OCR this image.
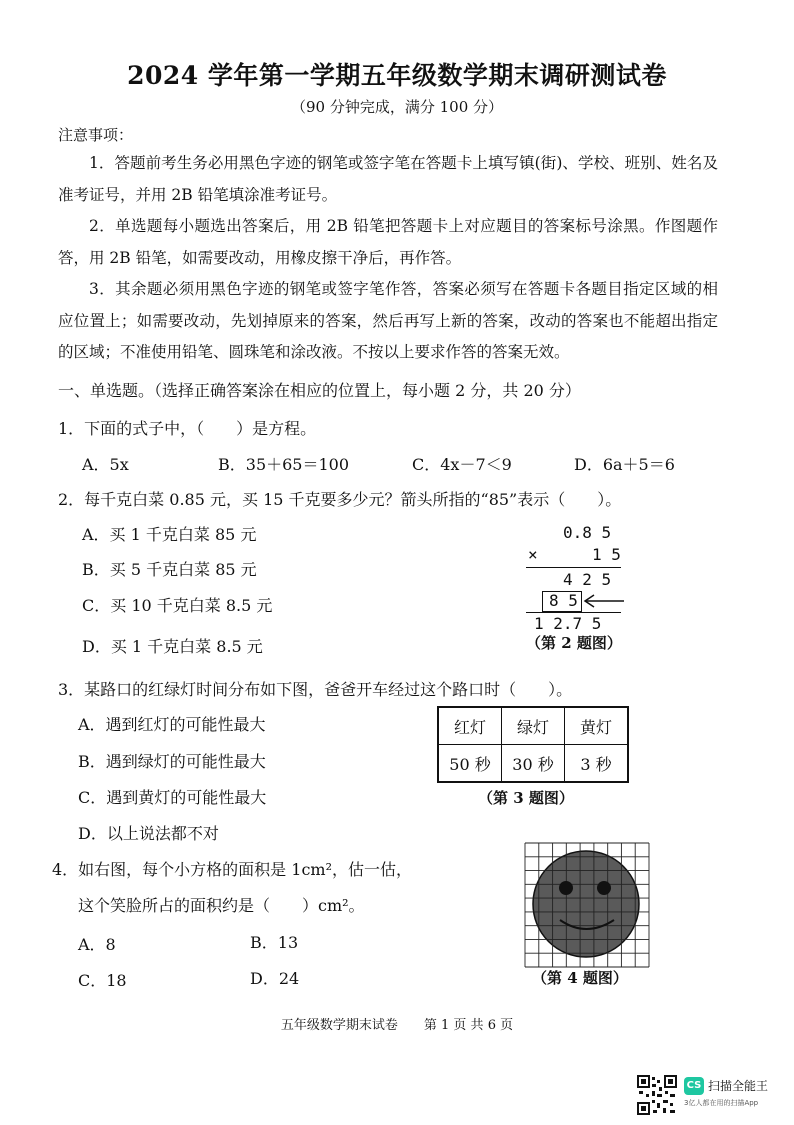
2024 学年第一学期五年级数学期末调研测试卷
（90 分钟完成，满分 100 分）
注意事项：

1．答题前考生务必用黑色字迹的钢笔或签字笔在答题卡上填写镇(街)、学校、班别、姓名及准考证号，并用 2B 铅笔填涂准考证号。

2．单选题每小题选出答案后，用 2B 铅笔把答题卡上对应题目的答案标号涂黑。作图题作答，用 2B 铅笔，如需要改动，用橡皮擦干净后，再作答。

3．其余题必须用黑色字迹的钢笔或签字笔作答，答案必须写在答题卡各题目指定区域的相应位置上；如需要改动，先划掉原来的答案，然后再写上新的答案，改动的答案也不能超出指定的区域；不准使用铅笔、圆珠笔和涂改液。不按以上要求作答的答案无效。

一、单选题。（选择正确答案涂在相应的位置上，每小题 2 分，共 20 分）
1．下面的式子中，（　　）是方程。
A．5x	B．35＋65＝100	C．4x－7＜9	D．6a＋5＝6
2．每千克白菜 0.85 元，买 15 千克要多少元？箭头所指的“85”表示（　　）。
A．买 1 千克白菜 85 元
B．买 5 千克白菜 85 元
C．买 10 千克白菜 8.5 元
D．买 1 千克白菜 8.5 元
0.8 5
×	1 5
4 2 5
8 5
1 2.7 5
（第 2 题图）
3．某路口的红绿灯时间分布如下图，爸爸开车经过这个路口时（　　）。
A．遇到红灯的可能性最大
B．遇到绿灯的可能性最大
C．遇到黄灯的可能性最大
D．以上说法都不对
红灯	绿灯	黄灯
50 秒	30 秒	3 秒
（第 3 题图）
4．如右图，每个小方格的面积是 1cm²，估一估，
这个笑脸所占的面积约是（　　）cm²。
A．8	B．13
C．18	D．24	（第 4 题图）
五年级数学期末试卷　　第 1 页 共 6 页
CS 扫描全能王
3亿人都在用的扫描App
